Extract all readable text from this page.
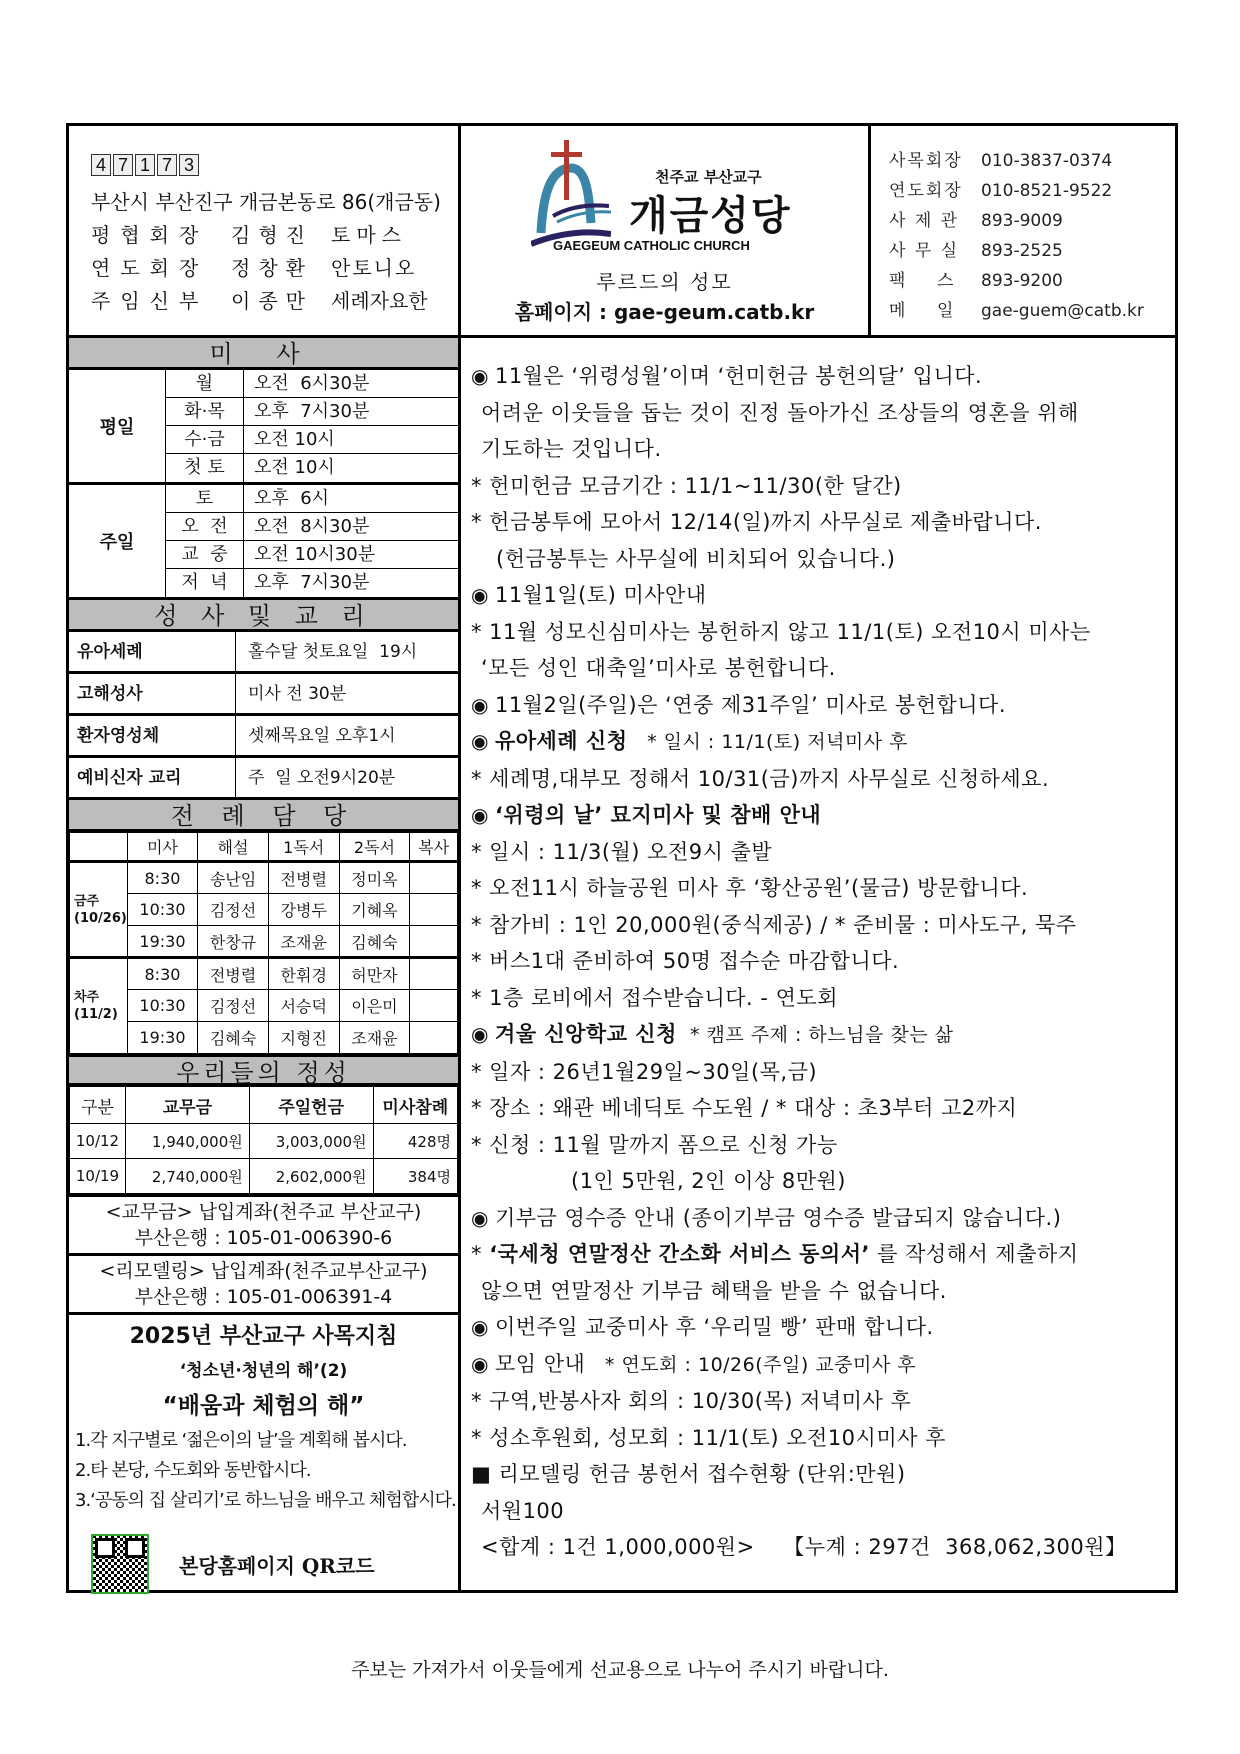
4 7 1 7 3
부산시 부산진구 개금본동로 86(개금동)
평협회장 김형진 토마스
연도회장 정창환 안토니오
주임신부 이종만 세례자요한
천주교 부산교구
개금성당
GAEGEUM CATHOLIC CHURCH
루르드의 성모
홈페이지 : gae-geum.catb.kr
사목회장 010-3837-0374
연도회장 010-8521-9522
사 제 관 893-9009
사 무 실 893-2525
팩    스 893-9200
메    일 gae-guem@catb.kr
미 사
평일
월	오전  6시30분
화·목	오후  7시30분
수·금	오전 10시
첫 토	오전 10시
주일
토	오후  6시
오  전	오전  8시30분
교  중	오전 10시30분
저  녁	오후  7시30분
성 사 및 교 리
유아세례	홀수달 첫토요일  19시
고해성사	미사 전 30분
환자영성체	셋째목요일 오후1시
예비신자 교리	주  일 오전9시20분
전 례 담 당
	미사	해설	1독서	2독서	복사
금주(10/26)	8:30	송난임	전병렬	정미옥	
	10:30	김정선	강병두	기혜옥	
	19:30	한창규	조재윤	김혜숙	
차주(11/2)	8:30	전병렬	한휘경	허만자	
	10:30	김정선	서승덕	이은미	
	19:30	김혜숙	지형진	조재윤	
우리들의 정성
구분	교무금	주일헌금	미사참례
10/12	1,940,000원	3,003,000원	428명
10/19	2,740,000원	2,602,000원	384명
<교무금> 납입계좌(천주교 부산교구)
부산은행 : 105-01-006390-6
<리모델링> 납입계좌(천주교부산교구)
부산은행 : 105-01-006391-4
2025년 부산교구 사목지침
‘청소년·청년의 해’(2)
“배움과 체험의 해”
1.각 지구별로 ‘젊은이의 날’을 계획해 봅시다.
2.타 본당, 수도회와 동반합시다.
3.‘공동의 집 살리기’로 하느님을 배우고 체험합시다.
본당홈페이지 QR코드
◉ 11월은 ‘위령성월’이며 ‘헌미헌금 봉헌의달’ 입니다.
어려운 이웃들을 돕는 것이 진정 돌아가신 조상들의 영혼을 위해
기도하는 것입니다.
* 헌미헌금 모금기간 : 11/1~11/30(한 달간)
* 헌금봉투에 모아서 12/14(일)까지 사무실로 제출바랍니다.
(헌금봉투는 사무실에 비치되어 있습니다.)
◉ 11월1일(토) 미사안내
* 11월 성모신심미사는 봉헌하지 않고 11/1(토) 오전10시 미사는
‘모든 성인 대축일’미사로 봉헌합니다.
◉ 11월2일(주일)은 ‘연중 제31주일’ 미사로 봉헌합니다.
◉ 유아세례 신청   * 일시 : 11/1(토) 저녁미사 후
* 세례명,대부모 정해서 10/31(금)까지 사무실로 신청하세요.
◉ ‘위령의 날’ 묘지미사 및 참배 안내
* 일시 : 11/3(월) 오전9시 출발
* 오전11시 하늘공원 미사 후 ‘황산공원’(물금) 방문합니다.
* 참가비 : 1인 20,000원(중식제공) / * 준비물 : 미사도구, 묵주
* 버스1대 준비하여 50명 접수순 마감합니다.
* 1층 로비에서 접수받습니다. - 연도회
◉ 겨울 신앙학교 신청  * 캠프 주제 : 하느님을 찾는 삶
* 일자 : 26년1월29일~30일(목,금)
* 장소 : 왜관 베네딕토 수도원 / * 대상 : 초3부터 고2까지
* 신청 : 11월 말까지 폼으로 신청 가능
(1인 5만원, 2인 이상 8만원)
◉ 기부금 영수증 안내 (종이기부금 영수증 발급되지 않습니다.)
* ‘국세청 연말정산 간소화 서비스 동의서’ 를 작성해서 제출하지
않으면 연말정산 기부금 혜택을 받을 수 없습니다.
◉ 이번주일 교중미사 후 ‘우리밀 빵’ 판매 합니다.
◉ 모임 안내   * 연도회 : 10/26(주일) 교중미사 후
* 구역,반봉사자 회의 : 10/30(목) 저녁미사 후
* 성소후원회, 성모회 : 11/1(토) 오전10시미사 후
■ 리모델링 헌금 봉헌서 접수현황 (단위:만원)
서원100
<합계 : 1건 1,000,000원>    【누계 : 297건  368,062,300원】
주보는 가져가서 이웃들에게 선교용으로 나누어 주시기 바랍니다.
